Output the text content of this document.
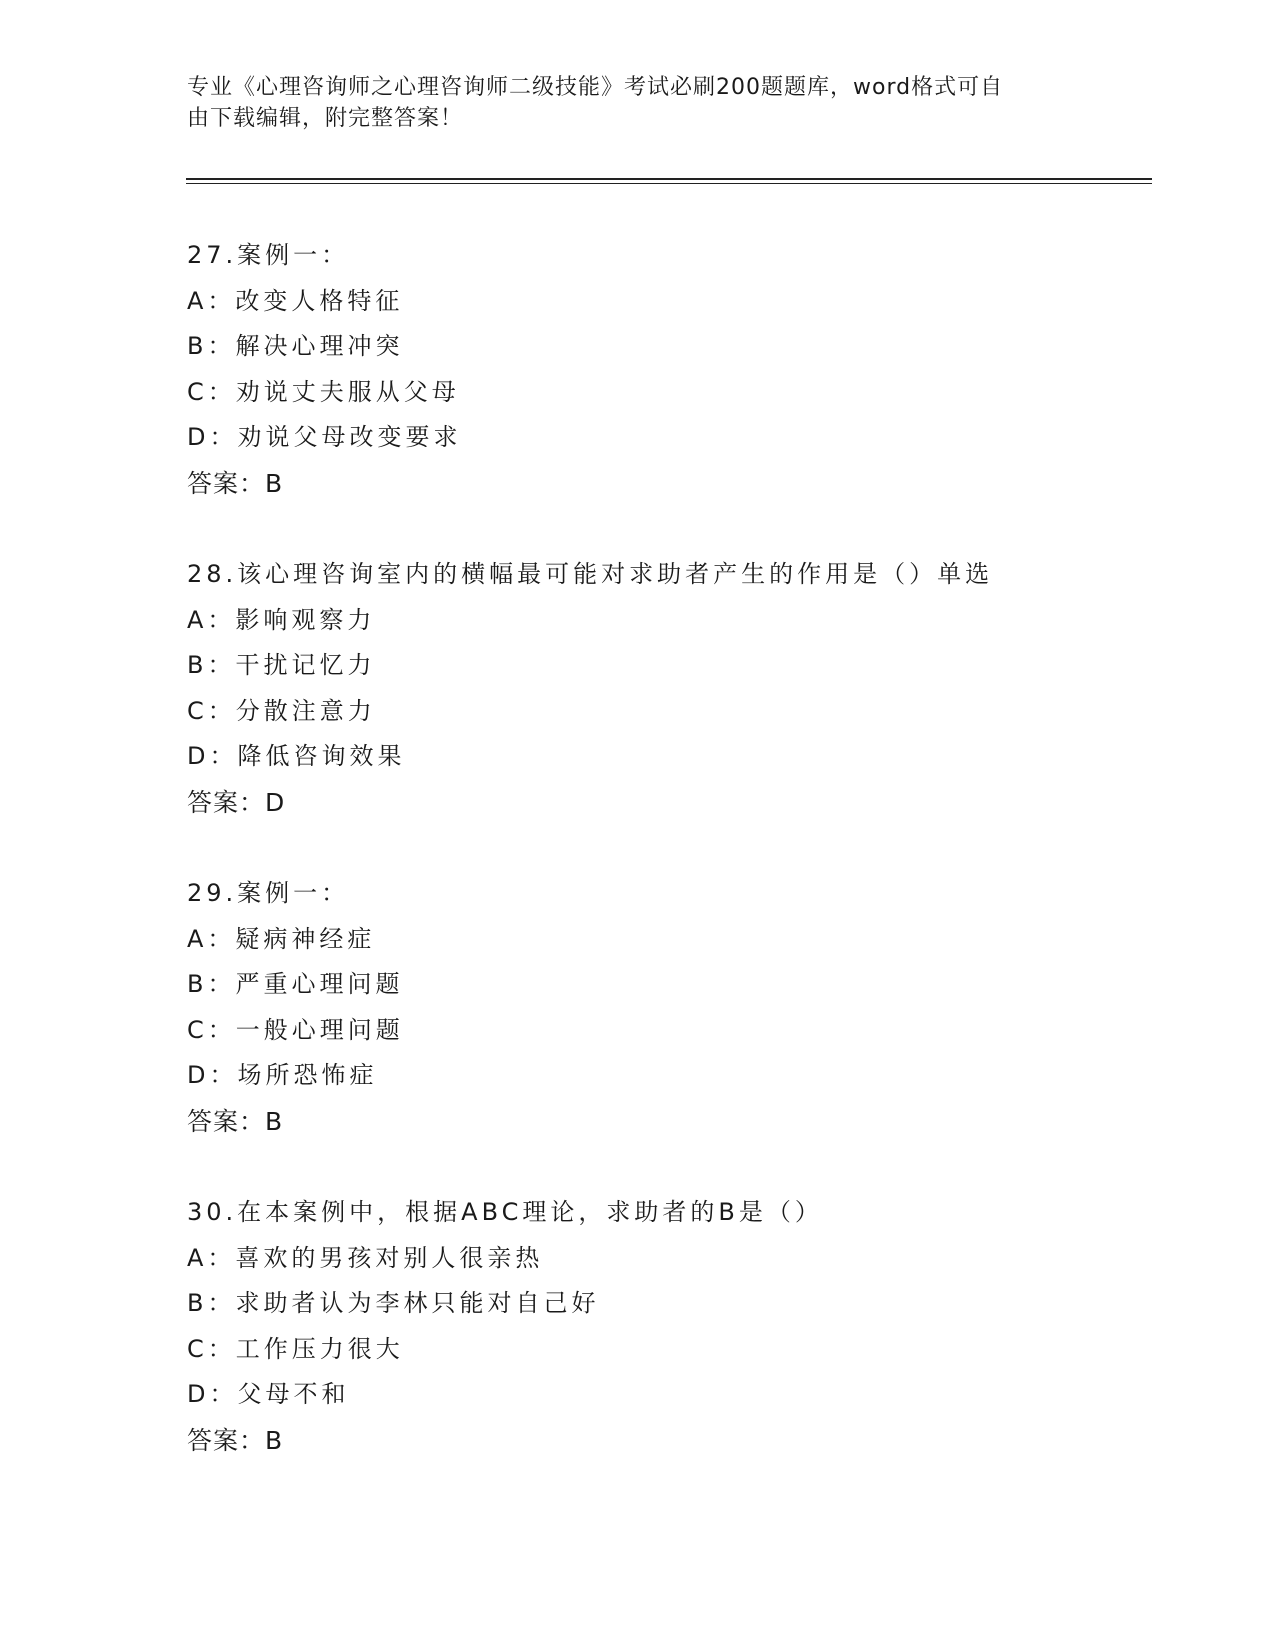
专业《心理咨询师之心理咨询师二级技能》考试必刷200题题库，word格式可自
由下载编辑，附完整答案！
27.案例一：
A：改变人格特征
B：解决心理冲突
C：劝说丈夫服从父母
D：劝说父母改变要求
答案：B
28.该心理咨询室内的横幅最可能对求助者产生的作用是（）单选
A：影响观察力
B：干扰记忆力
C：分散注意力
D：降低咨询效果
答案：D
29.案例一：
A：疑病神经症
B：严重心理问题
C：一般心理问题
D：场所恐怖症
答案：B
30.在本案例中，根据ABC理论，求助者的B是（）
A：喜欢的男孩对别人很亲热
B：求助者认为李林只能对自己好
C：工作压力很大
D：父母不和
答案：B
